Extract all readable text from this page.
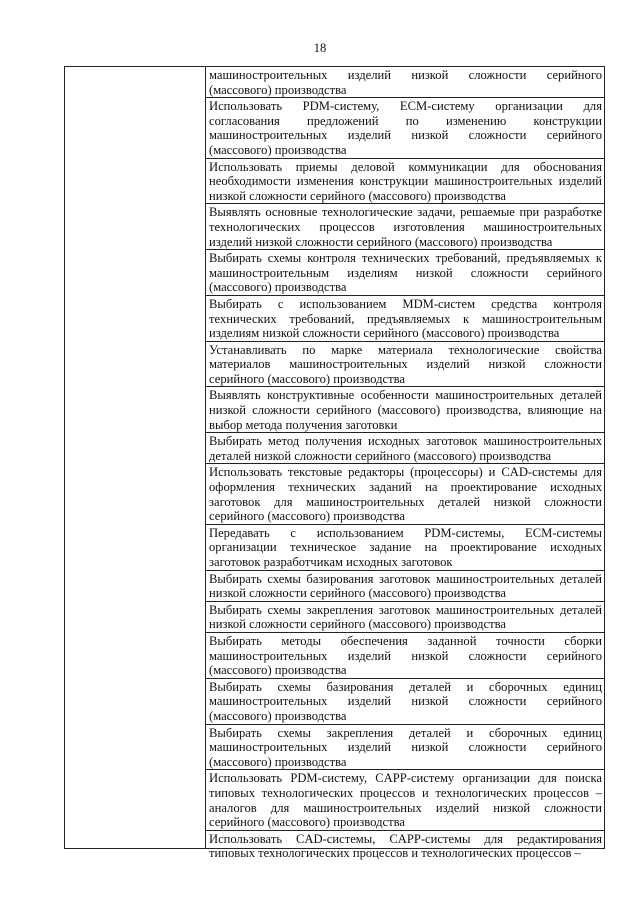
18
машиностроительных изделий низкой сложности серийного
(массового) производства
Использовать PDM-систему, ECM-систему организации для
согласования предложений по изменению конструкции
машиностроительных изделий низкой сложности серийного
(массового) производства
Использовать приемы деловой коммуникации для обоснования
необходимости изменения конструкции машиностроительных изделий
низкой сложности серийного (массового) производства
Выявлять основные технологические задачи, решаемые при разработке
технологических процессов изготовления машиностроительных
изделий низкой сложности серийного (массового) производства
Выбирать схемы контроля технических требований, предъявляемых к
машиностроительным изделиям низкой сложности серийного
(массового) производства
Выбирать с использованием MDM-систем средства контроля
технических требований, предъявляемых к машиностроительным
изделиям низкой сложности серийного (массового) производства
Устанавливать по марке материала технологические свойства
материалов машиностроительных изделий низкой сложности
серийного (массового) производства
Выявлять конструктивные особенности машиностроительных деталей
низкой сложности серийного (массового) производства, влияющие на
выбор метода получения заготовки
Выбирать метод получения исходных заготовок машиностроительных
деталей низкой сложности серийного (массового) производства
Использовать текстовые редакторы (процессоры) и CAD-системы для
оформления технических заданий на проектирование исходных
заготовок для машиностроительных деталей низкой сложности
серийного (массового) производства
Передавать с использованием PDM-системы, ECM-системы
организации техническое задание на проектирование исходных
заготовок разработчикам исходных заготовок
Выбирать схемы базирования заготовок машиностроительных деталей
низкой сложности серийного (массового) производства
Выбирать схемы закрепления заготовок машиностроительных деталей
низкой сложности серийного (массового) производства
Выбирать методы обеспечения заданной точности сборки
машиностроительных изделий низкой сложности серийного
(массового) производства
Выбирать схемы базирования деталей и сборочных единиц
машиностроительных изделий низкой сложности серийного
(массового) производства
Выбирать схемы закрепления деталей и сборочных единиц
машиностроительных изделий низкой сложности серийного
(массового) производства
Использовать PDM-систему, CAPP-систему организации для поиска
типовых технологических процессов и технологических процессов –
аналогов для машиностроительных изделий низкой сложности
серийного (массового) производства
Использовать CAD-системы, CAPP-системы для редактирования
типовых технологических процессов и технологических процессов –
